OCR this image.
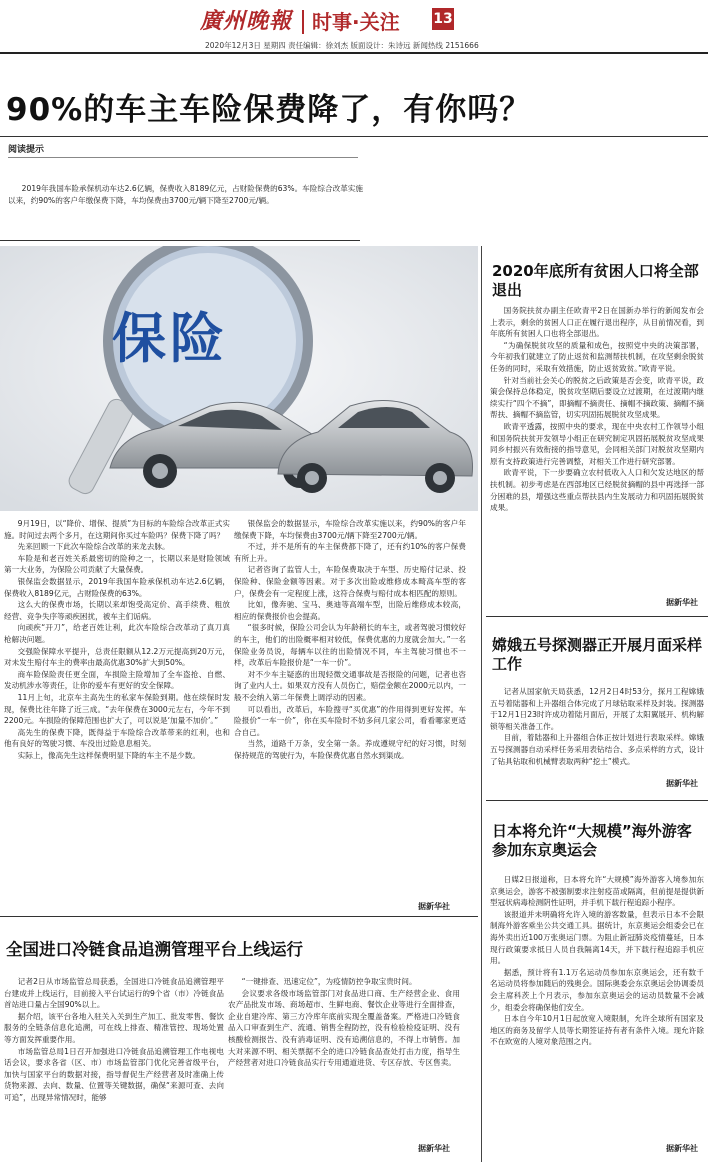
廣州晚報 时事·关注 13
2020年12月3日 星期四 责任编辑：徐刘杰 版面设计：朱诗远 新闻热线 2151666
90%的车主车险保费降了，有你吗？
阅读提示

2019年我国车险承保机动车达2.6亿辆，保费收入8189亿元，占财险保费的63%。车险综合改革实施以来，约90%的客户年缴保费下降，车均保费由3700元/辆下降至2700元/辆。

保险

9月19日，以“降价、增保、提质”为目标的车险综合改革正式实施。时间过去两个多月，在这期间你买过车险吗？保费下降了吗？

先来回顾一下此次车险综合改革的来龙去脉。

车险是和老百姓关系最密切的险种之一，长期以来是财险领域第一大业务，为保险公司贡献了大量保费。

银保监会数据显示，2019年我国车险承保机动车达2.6亿辆，保费收入8189亿元，占财险保费的63%。

这么大的保费市场，长期以来却饱受高定价、高手续费、粗放经营、竞争失序等顽疾困扰，被车主们诟病。

向顽疾“开刀”，给老百姓让利，此次车险综合改革动了真刀真枪解决问题。

交强险保障水平提升，总责任限额从12.2万元提高到20万元，对未发生赔付车主的费率由最高优惠30%扩大到50%。

商车险保险责任更全面，车损险主险增加了全车盗抢、自燃、发动机涉水等责任，让你的爱车有更好的安全保障。

11月上旬，北京车主高先生的私家车保险到期。他在续保时发现，保费比往年降了近三成。“去年保费在3000元左右，今年不到2200元。车损险的保障范围也扩大了，可以说是‘加量不加价’。”

高先生的保费下降，既得益于车险综合改革带来的红利，也和他有良好的驾驶习惯、车没出过险息息相关。

实际上，像高先生这样保费明显下降的车主不是少数。

银保监会的数据显示，车险综合改革实施以来，约90%的客户年缴保费下降，车均保费由3700元/辆下降至2700元/辆。

不过，并不是所有的车主保费都下降了，还有约10%的客户保费有所上升。

记者咨询了监管人士，车险保费取决于车型、历史赔付记录、投保险种、保险金额等因素。对于多次出险或维修成本畸高车型的客户，保费会有一定程度上涨，这符合保费与赔付成本相匹配的原则。

比如，像奔驰、宝马、奥迪等高端车型，出险后维修成本较高，相应的保费报价也会提高。

“很多时候，保险公司会认为年龄稍长的车主，或者驾驶习惯较好的车主，他们的出险概率相对较低，保费优惠的力度就会加大。”一名保险业务员说，每辆车以往的出险情况不同，车主驾驶习惯也不一样，改革后车险报价是“一车一价”。

对不少车主疑惑的出现轻微交通事故是否报险的问题，记者也咨询了业内人士。如果双方没有人员伤亡，赔偿金额在2000元以内，一般不会纳入第二年保费上调浮动的因素。

可以看出，改革后，车险搜寻“买优惠”的作用得到更好发挥。车险报价“一车一价”，你在买车险时不妨多问几家公司，看看哪家更适合自己。

当然，道路千万条，安全第一条。养成遵规守纪的好习惯，时刻保持规范的驾驶行为，车险保费优惠自然水到渠成。

据新华社
全国进口冷链食品追溯管理平台上线运行

记者2日从市场监管总局获悉，全国进口冷链食品追溯管理平台建成并上线运行，目前接入平台试运行的9个省（市）冷链食品首站进口量占全国90%以上。

据介绍，该平台各地入驻关入关到生产加工、批发零售、餐饮服务的全链条信息化追溯，可在线上排查、精准管控、现场处置等方面发挥重要作用。

市场监管总局1日召开加强进口冷链食品追溯管理工作电视电话会议，要求各省（区、市）市场监管部门优化完善省级平台，加快与国家平台的数据对接，指导督促生产经营者及时准确上传货物来源、去向、数量、位置等关键数据，确保“来源可查、去向可追”，出现异常情况时，能够

“一键排查、迅速定位”，为疫情防控争取宝贵时间。

会议要求各级市场监管部门对食品进口商、生产经营企业、食用农产品批发市场、商场超市、生鲜电商、餐饮企业等进行全面排查，企业自建冷库、第三方冷库年底前实现全覆盖备案。严格进口冷链食品入口审查到生产、流通、销售全程防控，没有检验检疫证明、没有核酸检测报告、没有消毒证明、没有追溯信息的，不得上市销售。加大对来源不明、相关票据不全的进口冷链食品查处打击力度，指导生产经营者对进口冷链食品实行专用通道进货、专区存放、专区售卖。

据新华社
2020年底所有贫困人口将全部退出

国务院扶贫办副主任欧青平2日在国新办举行的新闻发布会上表示，剩余的贫困人口正在履行退出程序，从目前情况看，到年底所有贫困人口也将全部退出。

“为确保脱贫攻坚的质量和成色，按照党中央的决策部署，今年初我们就建立了防止返贫和监测帮扶机制，在攻坚剩余脱贫任务的同时，采取有效措施，防止返贫致贫。”欧青平说。

针对当前社会关心的脱贫之后政策是否会变，欧青平说，政策会保持总体稳定，脱贫攻坚期后要设立过渡期，在过渡期内继续实行“四个不摘”，即摘帽不摘责任、摘帽不摘政策、摘帽不摘帮扶、摘帽不摘监管，切实巩固拓展脱贫攻坚成果。

欧青平透露，按照中央的要求，现在中央农村工作领导小组和国务院扶贫开发领导小组正在研究制定巩固拓展脱贫攻坚成果同乡村振兴有效衔接的指导意见，会同相关部门对脱贫攻坚期内原有支持政策进行完善调整，对相关工作进行研究部署。

欧青平说，下一步要确立农村低收入人口和欠发达地区的帮扶机制。初步考虑是在西部地区已经脱贫摘帽的县中再选择一部分困难的县，增强这些重点帮扶县内生发展动力和巩固拓展脱贫成果。

据新华社
嫦娥五号探测器正开展月面采样工作

记者从国家航天局获悉，12月2日4时53分，探月工程嫦娥五号着陆器和上升器组合体完成了月球钻取采样及封装。探测器于12月1日23时许成功着陆月面后，开展了太阳翼展开、机构解锁等相关准备工作。

目前，着陆器和上升器组合体正按计划进行表取采样。嫦娥五号探测器自动采样任务采用表钻结合、多点采样的方式，设计了钻具钻取和机械臂表取两种“挖土”模式。

据新华社
日本将允许“大规模”海外游客参加东京奥运会

日媒2日报道称，日本将允许“大规模”海外游客入境参加东京奥运会，游客不被强制要求注射疫苗或隔离，但前提是提供新型冠状病毒检测阴性证明，并手机下载行程追踪小程序。

该报道并未明确将允许入境的游客数量，但表示日本不会限制海外游客乘坐公共交通工具。据统计，东京奥运会组委会已在海外卖出近100万张奥运门票。为阻止新冠肺炎疫情蔓延，日本现行政策要求抵日人员自我隔离14天，并下载行程追踪手机应用。

据悉，预计将有1.1万名运动员参加东京奥运会，还有数千名运动员将参加随后的残奥会。国际奥委会东京奥运会协调委员会主席科茨上个月表示，参加东京奥运会的运动员数量不会减少，组委会将确保他们安全。

日本自今年10月1日起放宽入境限制，允许全球所有国家及地区的商务及留学人员等长期签证持有者有条件入境。现允许除不在欧宽的人境对象范围之内。

据新华社
